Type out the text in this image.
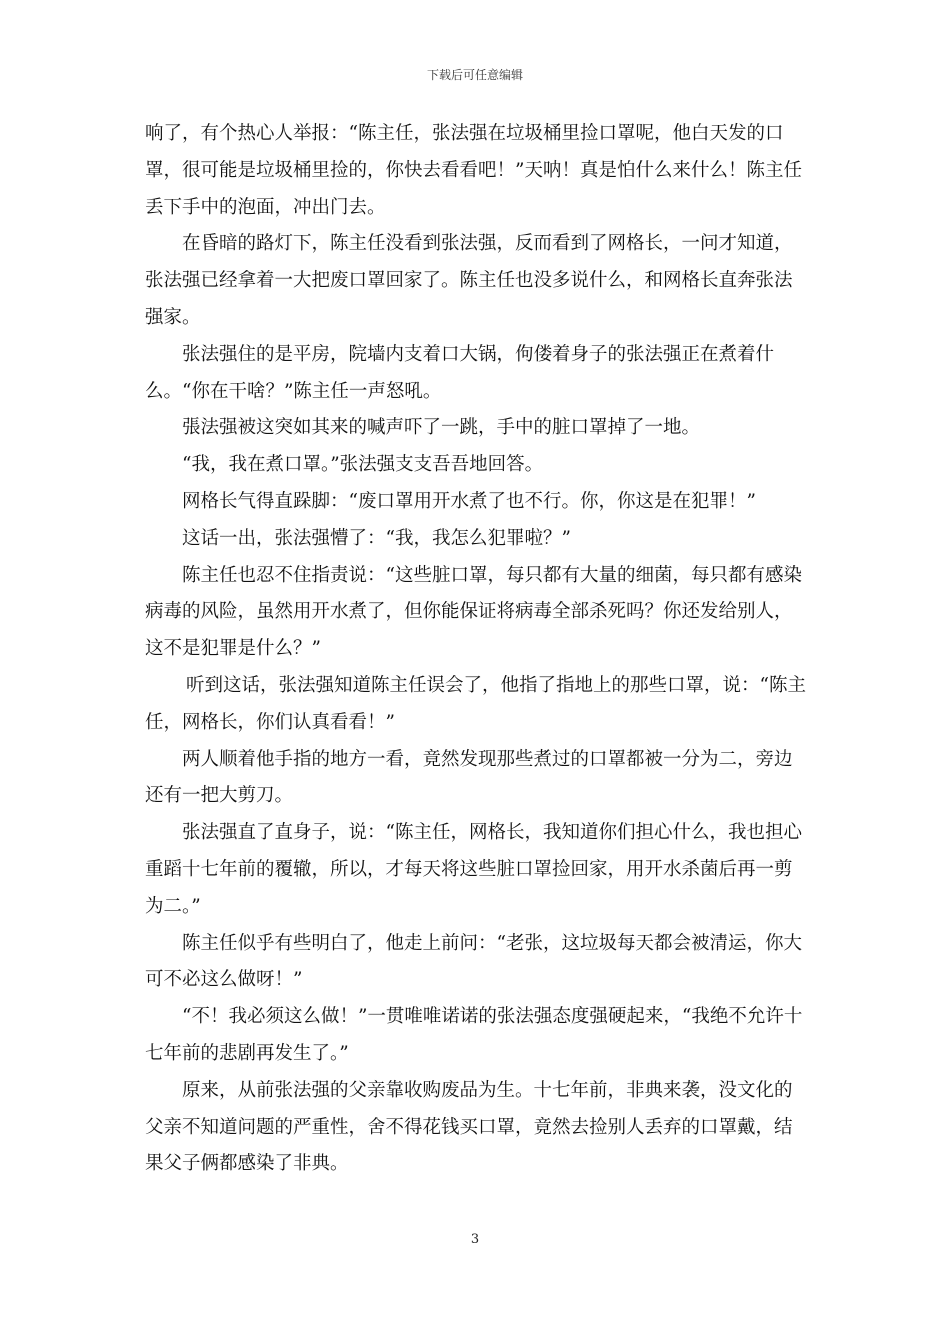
下载后可任意编辑

响了，有个热心人举报：“陈主任，张法强在垃圾桶里捡口罩呢，他白天发的口罩，很可能是垃圾桶里捡的，你快去看看吧！”天呐！真是怕什么来什么！陈主任丢下手中的泡面，冲出门去。

在昏暗的路灯下，陈主任没看到张法强，反而看到了网格长，一问才知道，张法强已经拿着一大把废口罩回家了。陈主任也没多说什么，和网格长直奔张法强家。

张法强住的是平房，院墙内支着口大锅，佝偻着身子的张法强正在煮着什么。“你在干啥？”陈主任一声怒吼。

張法强被这突如其来的喊声吓了一跳，手中的脏口罩掉了一地。

“我，我在煮口罩。”张法强支支吾吾地回答。

网格长气得直跺脚：“废口罩用开水煮了也不行。你，你这是在犯罪！”

这话一出，张法强懵了：“我，我怎么犯罪啦？”

陈主任也忍不住指责说：“这些脏口罩，每只都有大量的细菌，每只都有感染病毒的风险，虽然用开水煮了，但你能保证将病毒全部杀死吗？你还发给别人，这不是犯罪是什么？”

听到这话，张法强知道陈主任误会了，他指了指地上的那些口罩，说：“陈主任，网格长，你们认真看看！”

两人顺着他手指的地方一看，竟然发现那些煮过的口罩都被一分为二，旁边还有一把大剪刀。

张法强直了直身子，说：“陈主任，网格长，我知道你们担心什么，我也担心重蹈十七年前的覆辙，所以，才每天将这些脏口罩捡回家，用开水杀菌后再一剪为二。”

陈主任似乎有些明白了，他走上前问：“老张，这垃圾每天都会被清运，你大可不必这么做呀！”

“不！我必须这么做！”一贯唯唯诺诺的张法强态度强硬起来，“我绝不允许十七年前的悲剧再发生了。”

原来，从前张法强的父亲靠收购废品为生。十七年前，非典来袭，没文化的父亲不知道问题的严重性，舍不得花钱买口罩，竟然去捡别人丢弃的口罩戴，结果父子俩都感染了非典。

3
